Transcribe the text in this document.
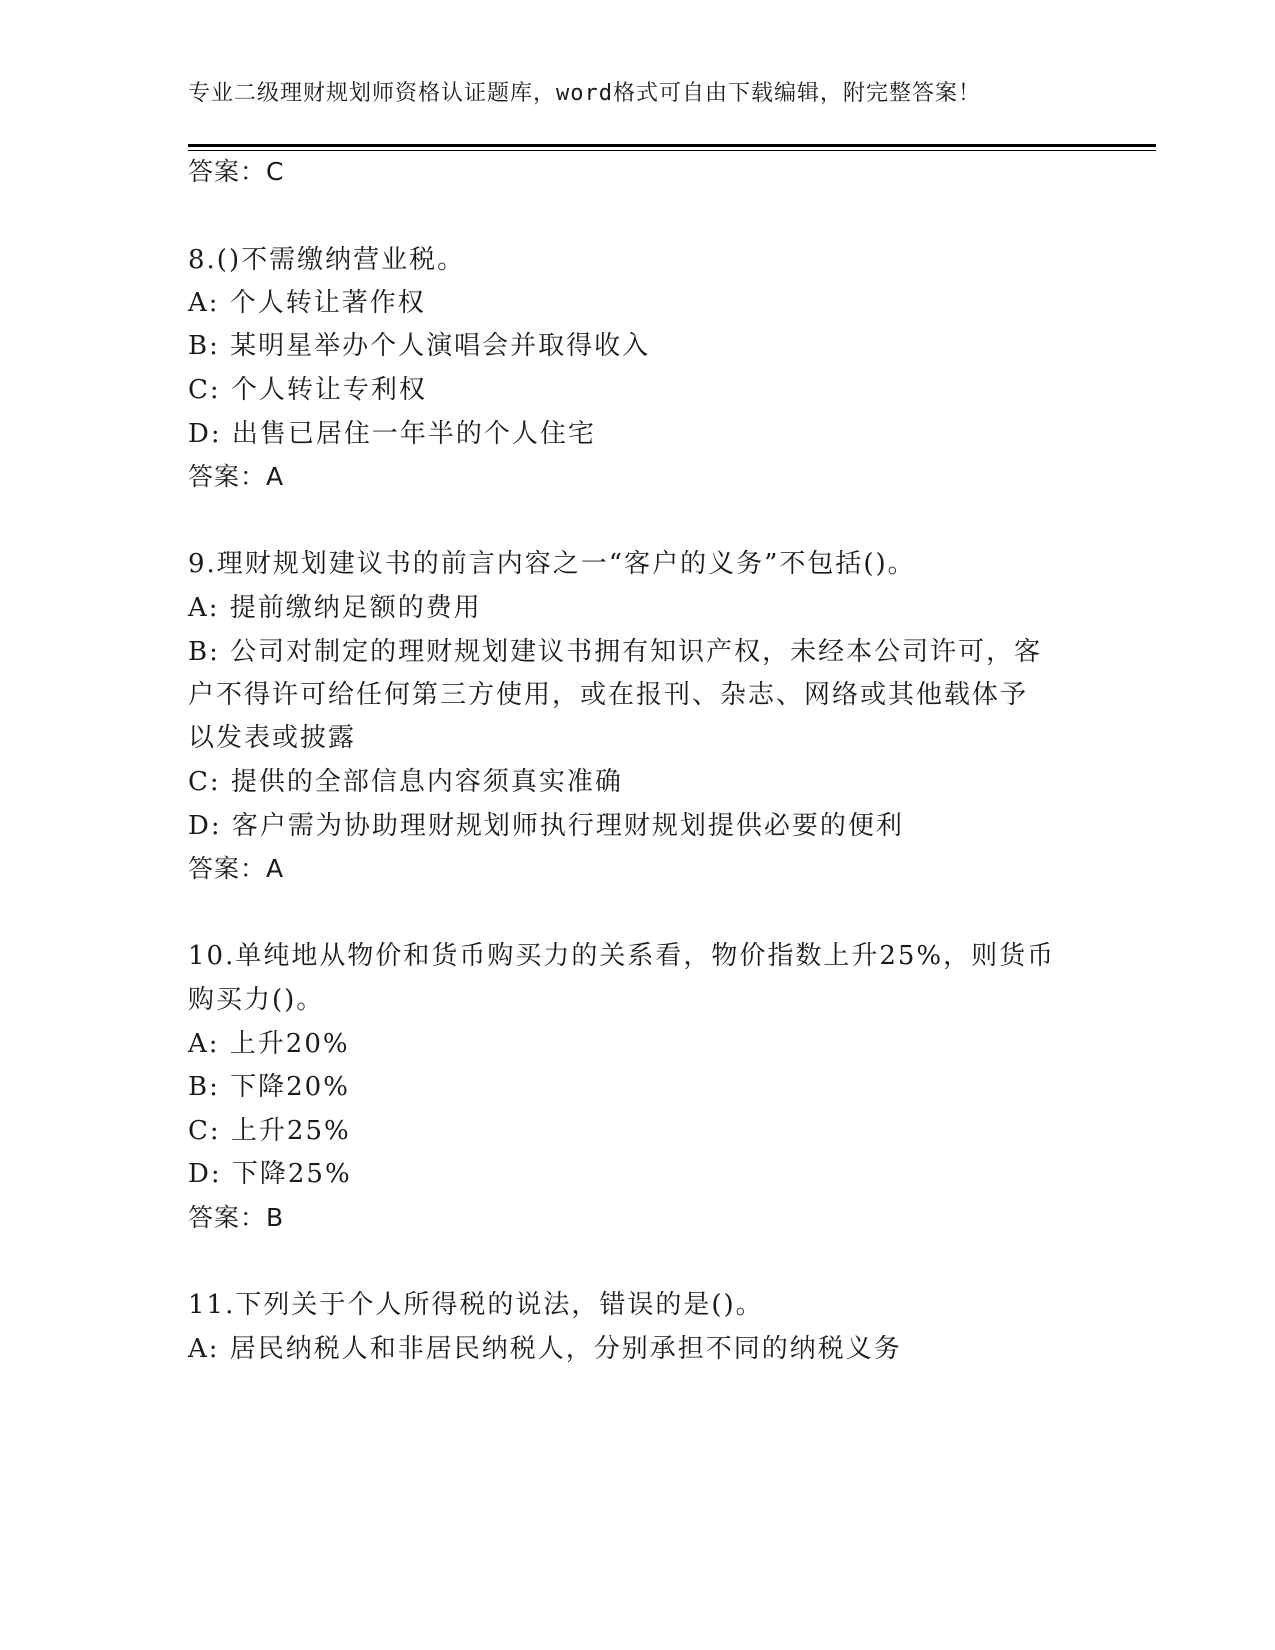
专业二级理财规划师资格认证题库，word格式可自由下载编辑，附完整答案！
答案：C
8.()不需缴纳营业税。
A: 个人转让著作权
B: 某明星举办个人演唱会并取得收入
C: 个人转让专利权
D: 出售已居住一年半的个人住宅
答案：A
9.理财规划建议书的前言内容之一“客户的义务”不包括()。
A: 提前缴纳足额的费用
B: 公司对制定的理财规划建议书拥有知识产权，未经本公司许可，客
户不得许可给任何第三方使用，或在报刊、杂志、网络或其他载体予
以发表或披露
C: 提供的全部信息内容须真实准确
D: 客户需为协助理财规划师执行理财规划提供必要的便利
答案：A
10.单纯地从物价和货币购买力的关系看，物价指数上升25%，则货币
购买力()。
A: 上升20%
B: 下降20%
C: 上升25%
D: 下降25%
答案：B
11.下列关于个人所得税的说法，错误的是()。
A: 居民纳税人和非居民纳税人，分别承担不同的纳税义务
